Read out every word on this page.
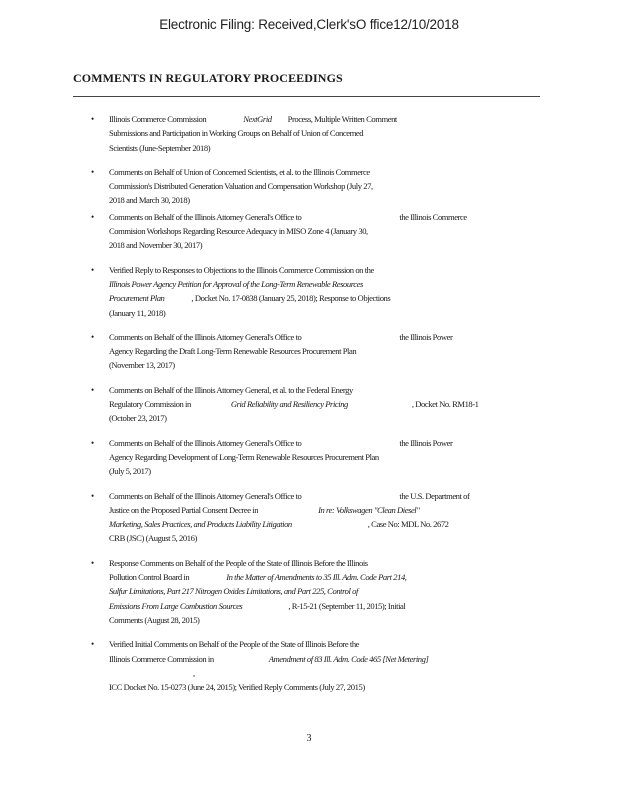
Electronic Filing: Received,Clerk'sO ffice12/10/2018
COMMENTS IN REGULATORY PROCEEDINGS
• Illinois Commerce Commission	NextGrid Process, Multiple Written Comment
Submissions and Participation in Working Groups on Behalf of Union of Concerned
Scientists (June-September 2018)
• Comments on Behalf of Union of Concerned Scientists, et al. to the Illinois Commerce
Commission's Distributed Generation Valuation and Compensation Workshop (July 27,
2018 and March 30, 2018)
• Comments on Behalf of the Illinois Attorney General's Office to	the Illinois Commerce
Commision Workshops Regarding Resource Adequacy in MISO Zone 4 (January 30,
2018 and November 30, 2017)
• Verified Reply to Responses to Objections to the Illinois Commerce Commission on the
Illinois Power Agency Petition for Approval of the Long-Term Renewable Resources
Procurement Plan	, Docket No. 17-0838 (January 25, 2018); Response to Objections
(January 11, 2018)
• Comments on Behalf of the Illinois Attorney General's Office to	the Illinois Power
Agency Regarding the Draft Long-Term Renewable Resources Procurement Plan
(November 13, 2017)
• Comments on Behalf of the Illinois Attorney General, et al. to the Federal Energy
Regulatory Commission in	Grid Reliability and Resiliency Pricing	, Docket No. RM18-1
(October 23, 2017)
• Comments on Behalf of the Illinois Attorney General's Office to	the Illinois Power
Agency Regarding Development of Long-Term Renewable Resources Procurement Plan
(July 5, 2017)
• Comments on Behalf of the Illinois Attorney General's Office to	the U.S. Department of
Justice on the Proposed Partial Consent Decree in	In re: Volkswagen "Clean Diesel"
Marketing, Sales Practices, and Products Liability Litigation	, Case No: MDL No. 2672
CRB (JSC) (August 5, 2016)
• Response Comments on Behalf of the People of the State of Illinois Before the Illinois
Pollution Control Board in	In the Matter of Amendments to 35 Ill. Adm. Code Part 214,
Sulfur Limitations, Part 217 Nitrogen Oxides Limitations, and Part 225, Control of
Emissions From Large Combustion Sources	, R-15-21 (September 11, 2015); Initial
Comments (August 28, 2015)
• Verified Initial Comments on Behalf of the People of the State of Illinois Before the
Illinois Commerce Commission in	Amendment of 83 Ill. Adm. Code 465 [Net Metering],
ICC Docket No. 15-0273 (June 24, 2015); Verified Reply Comments (July 27, 2015)
3
